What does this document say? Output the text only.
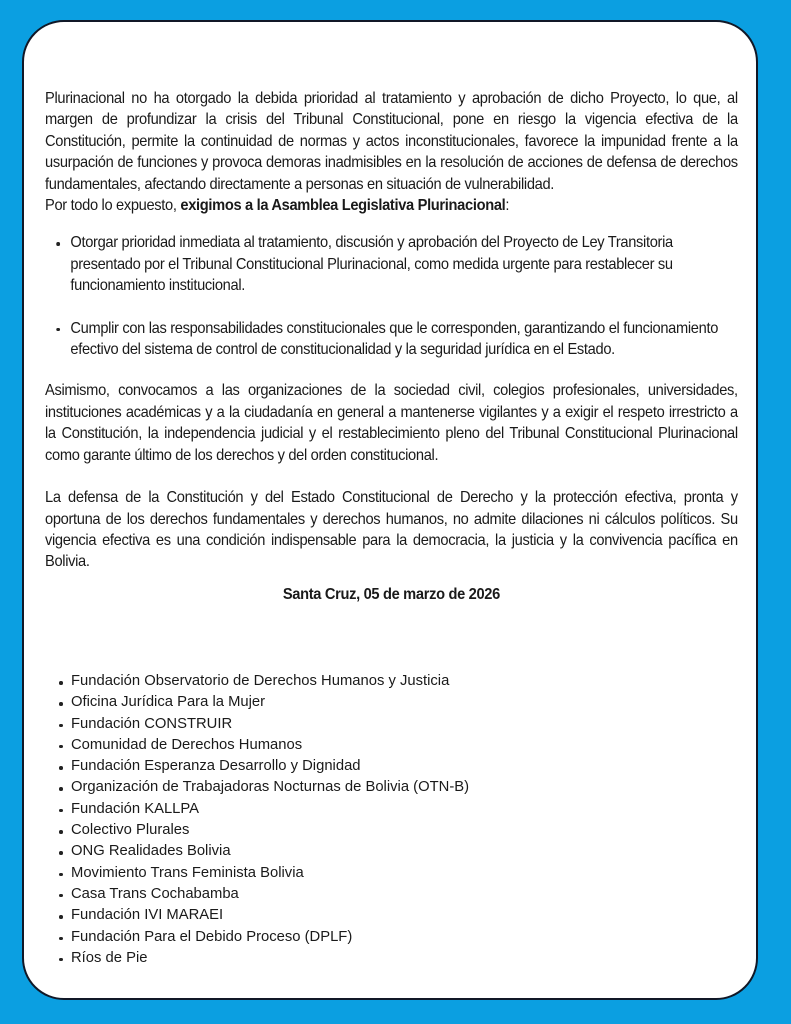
Plurinacional no ha otorgado la debida prioridad al tratamiento y aprobación de dicho Proyecto, lo que, al margen de profundizar la crisis del Tribunal Constitucional, pone en riesgo la vigencia efectiva de la Constitución, permite la continuidad de normas y actos inconstitucionales, favorece la impunidad frente a la usurpación de funciones y provoca demoras inadmisibles en la resolución de acciones de defensa de derechos fundamentales, afectando directamente a personas en situación de vulnerabilidad.

Por todo lo expuesto, exigimos a la Asamblea Legislativa Plurinacional:

Otorgar prioridad inmediata al tratamiento, discusión y aprobación del Proyecto de Ley Transitoria presentado por el Tribunal Constitucional Plurinacional, como medida urgente para restablecer su funcionamiento institucional.
Cumplir con las responsabilidades constitucionales que le corresponden, garantizando el funcionamiento efectivo del sistema de control de constitucionalidad y la seguridad jurídica en el Estado.

Asimismo, convocamos a las organizaciones de la sociedad civil, colegios profesionales, universidades, instituciones académicas y a la ciudadanía en general a mantenerse vigilantes y a exigir el respeto irrestricto a la Constitución, la independencia judicial y el restablecimiento pleno del Tribunal Constitucional Plurinacional como garante último de los derechos y del orden constitucional.

La defensa de la Constitución y del Estado Constitucional de Derecho y la protección efectiva, pronta y oportuna de los derechos fundamentales y derechos humanos, no admite dilaciones ni cálculos políticos. Su vigencia efectiva es una condición indispensable para la democracia, la justicia y la convivencia pacífica en Bolivia.

Santa Cruz, 05 de marzo de 2026
Fundación Observatorio de Derechos Humanos y Justicia
Oficina Jurídica Para la Mujer
Fundación CONSTRUIR
Comunidad de Derechos Humanos
Fundación Esperanza Desarrollo y Dignidad
Organización de Trabajadoras Nocturnas de Bolivia (OTN-B)
Fundación KALLPA
Colectivo Plurales
ONG Realidades Bolivia
Movimiento Trans Feminista Bolivia
Casa Trans Cochabamba
Fundación IVI MARAEI
Fundación Para el Debido Proceso (DPLF)
Ríos de Pie
